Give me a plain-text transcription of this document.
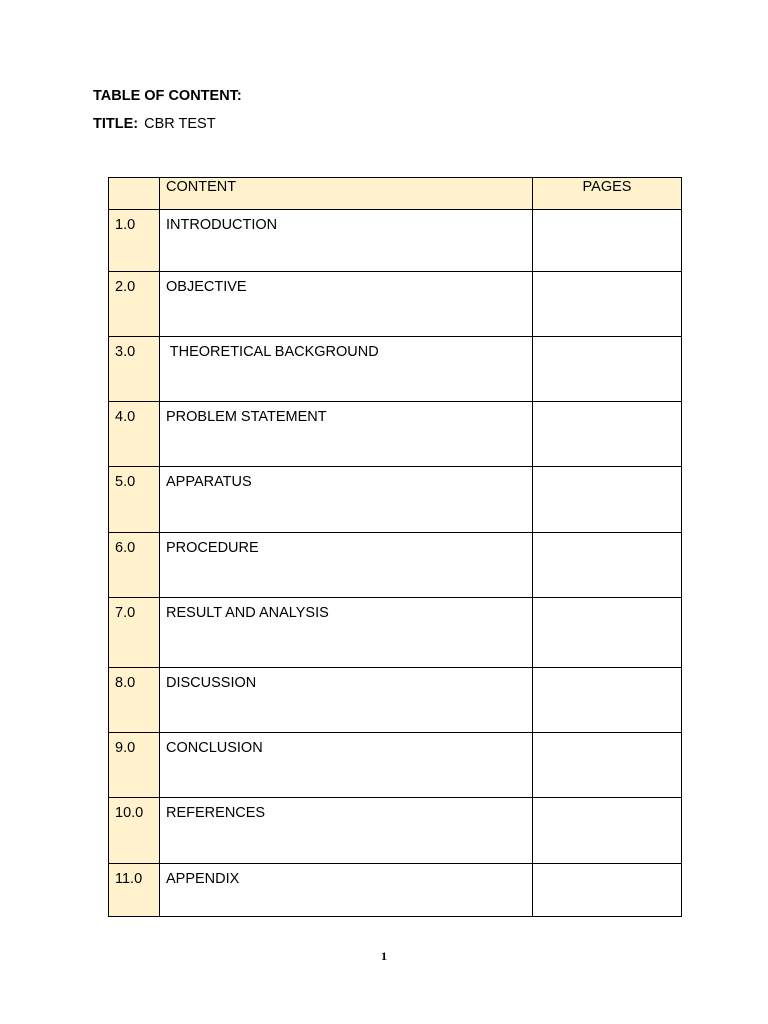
TABLE OF CONTENT:
TITLE: CBR TEST
	CONTENT	PAGES
1.0	INTRODUCTION	
2.0	OBJECTIVE	
3.0	THEORETICAL BACKGROUND	
4.0	PROBLEM STATEMENT	
5.0	APPARATUS	
6.0	PROCEDURE	
7.0	RESULT AND ANALYSIS	
8.0	DISCUSSION	
9.0	CONCLUSION	
10.0	REFERENCES	
11.0	APPENDIX	
1
